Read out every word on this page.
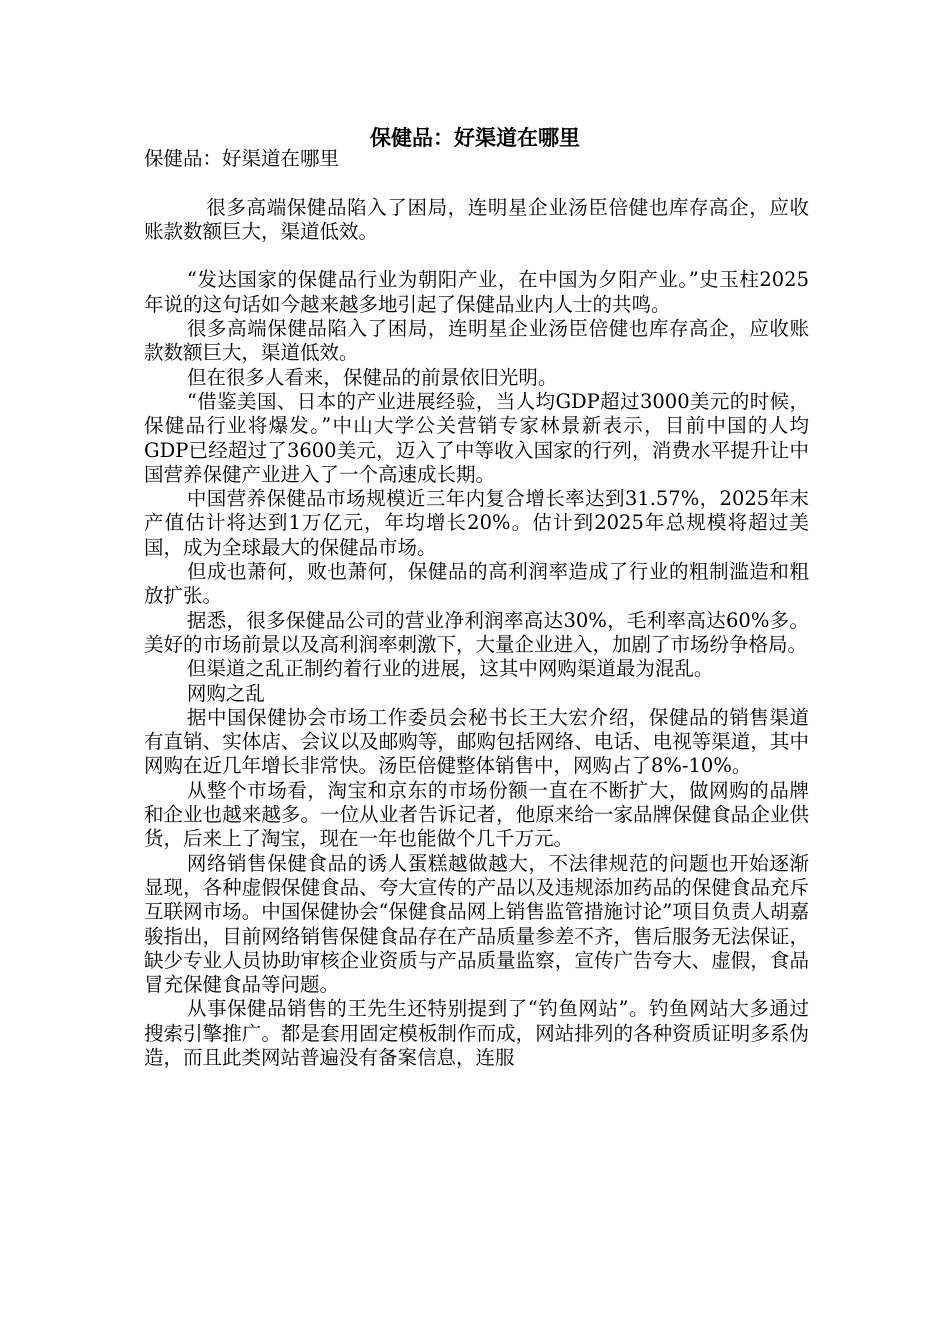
保健品：好渠道在哪里

保健品：好渠道在哪里

很多高端保健品陷入了困局，连明星企业汤臣倍健也库存高企，应收账款数额巨大，渠道低效。

“发达国家的保健品行业为朝阳产业，在中国为夕阳产业。”史玉柱2025年说的这句话如今越来越多地引起了保健品业内人士的共鸣。

很多高端保健品陷入了困局，连明星企业汤臣倍健也库存高企，应收账款数额巨大，渠道低效。

但在很多人看来，保健品的前景依旧光明。

“借鉴美国、日本的产业进展经验，当人均GDP超过3000美元的时候，保健品行业将爆发。”中山大学公关营销专家林景新表示，目前中国的人均GDP已经超过了3600美元，迈入了中等收入国家的行列，消费水平提升让中国营养保健产业进入了一个高速成长期。

中国营养保健品市场规模近三年内复合增长率达到31.57%，2025年末产值估计将达到1万亿元，年均增长20%。估计到2025年总规模将超过美国，成为全球最大的保健品市场。

但成也萧何，败也萧何，保健品的高利润率造成了行业的粗制滥造和粗放扩张。

据悉，很多保健品公司的营业净利润率高达30%，毛利率高达60%多。美好的市场前景以及高利润率刺激下，大量企业进入，加剧了市场纷争格局。

但渠道之乱正制约着行业的进展，这其中网购渠道最为混乱。

网购之乱

据中国保健协会市场工作委员会秘书长王大宏介绍，保健品的销售渠道有直销、实体店、会议以及邮购等，邮购包括网络、电话、电视等渠道，其中网购在近几年增长非常快。汤臣倍健整体销售中，网购占了8%-10%。

从整个市场看，淘宝和京东的市场份额一直在不断扩大，做网购的品牌和企业也越来越多。一位从业者告诉记者，他原来给一家品牌保健食品企业供货，后来上了淘宝，现在一年也能做个几千万元。

网络销售保健食品的诱人蛋糕越做越大，不法律规范的问题也开始逐渐显现，各种虚假保健食品、夸大宣传的产品以及违规添加药品的保健食品充斥互联网市场。中国保健协会“保健食品网上销售监管措施讨论”项目负责人胡嘉骏指出，目前网络销售保健食品存在产品质量参差不齐，售后服务无法保证，缺少专业人员协助审核企业资质与产品质量监察，宣传广告夸大、虚假，食品冒充保健食品等问题。

从事保健品销售的王先生还特别提到了“钓鱼网站”。钓鱼网站大多通过搜索引擎推广。都是套用固定模板制作而成，网站排列的各种资质证明多系伪造，而且此类网站普遍没有备案信息，连服
